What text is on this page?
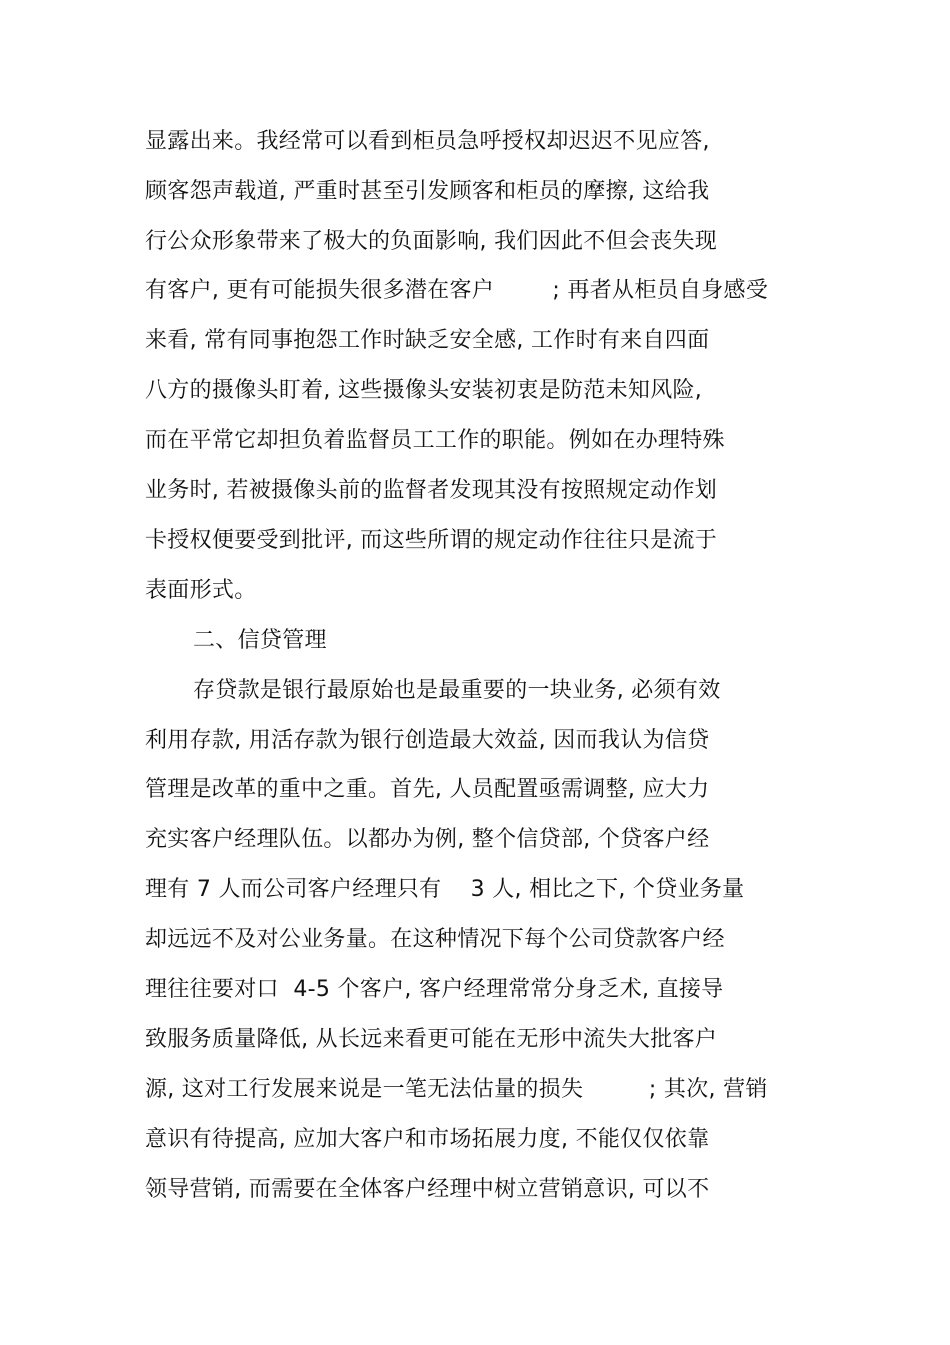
显露出来。我经常可以看到柜员急呼授权却迟迟不见应答,
顾客怨声载道, 严重时甚至引发顾客和柜员的摩擦, 这给我
行公众形象带来了极大的负面影响, 我们因此不但会丧失现
有客户, 更有可能损失很多潜在客户        ; 再者从柜员自身感受
来看, 常有同事抱怨工作时缺乏安全感, 工作时有来自四面
八方的摄像头盯着, 这些摄像头安装初衷是防范未知风险,
而在平常它却担负着监督员工工作的职能。例如在办理特殊
业务时, 若被摄像头前的监督者发现其没有按照规定动作划
卡授权便要受到批评, 而这些所谓的规定动作往往只是流于
表面形式。
二、信贷管理
存贷款是银行最原始也是最重要的一块业务, 必须有效
利用存款, 用活存款为银行创造最大效益, 因而我认为信贷
管理是改革的重中之重。首先, 人员配置亟需调整, 应大力
充实客户经理队伍。以都办为例, 整个信贷部, 个贷客户经
理有 7 人而公司客户经理只有    3 人, 相比之下, 个贷业务量
却远远不及对公业务量。在这种情况下每个公司贷款客户经
理往往要对口  4-5 个客户, 客户经理常常分身乏术, 直接导
致服务质量降低, 从长远来看更可能在无形中流失大批客户
源, 这对工行发展来说是一笔无法估量的损失         ; 其次, 营销
意识有待提高, 应加大客户和市场拓展力度, 不能仅仅依靠
领导营销, 而需要在全体客户经理中树立营销意识, 可以不
